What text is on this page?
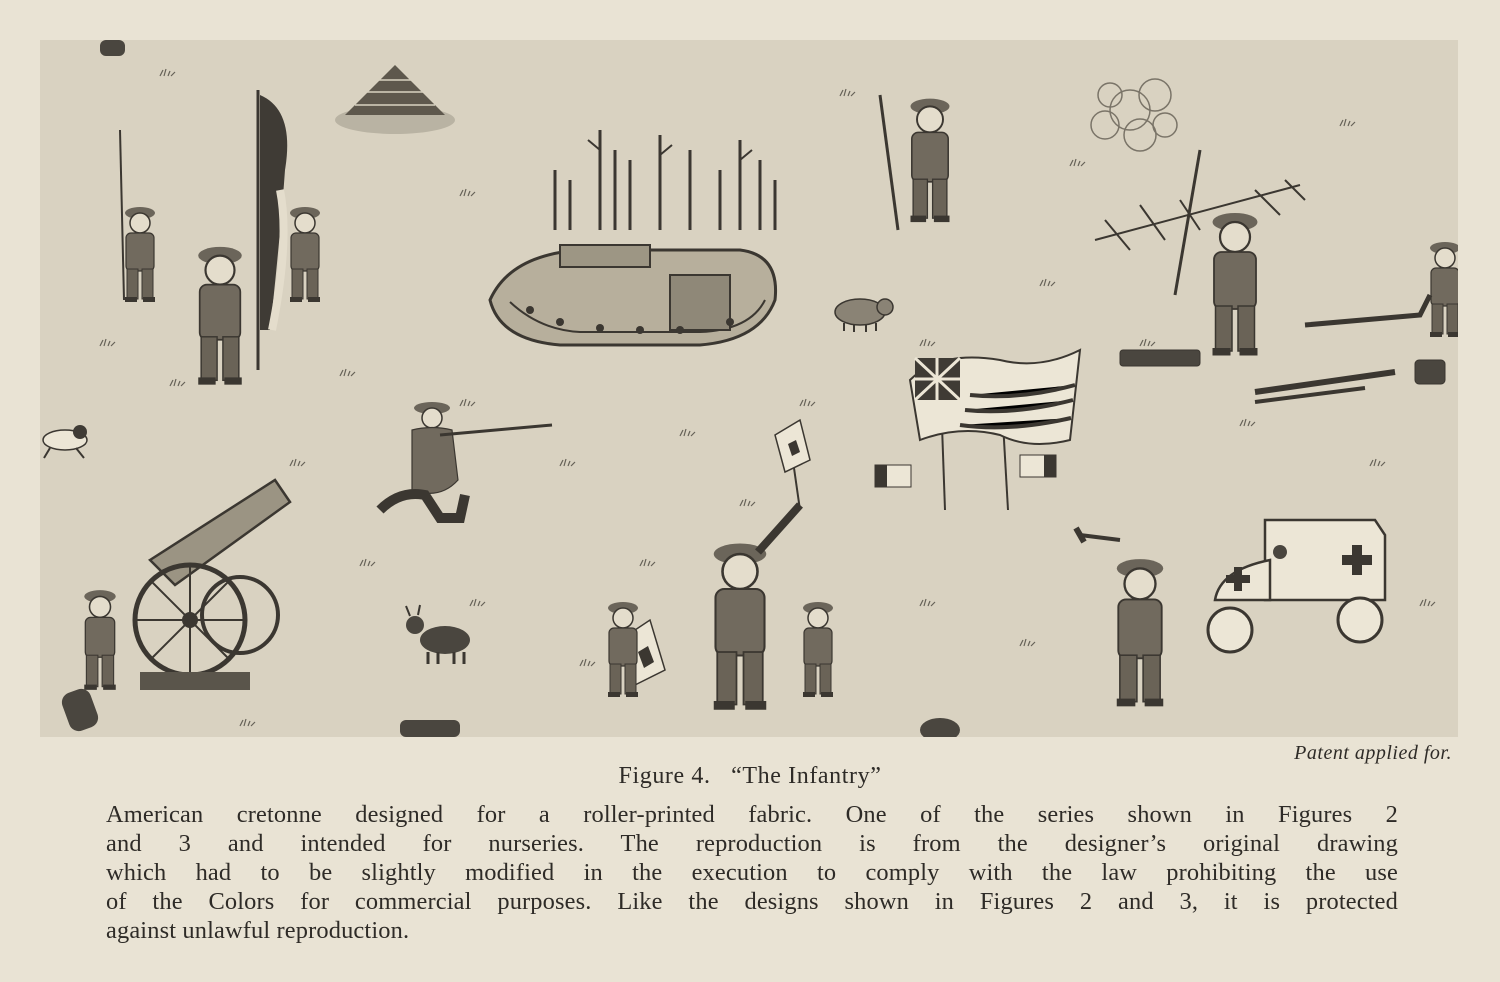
Patent applied for.
Figure 4. “The Infantry”
American cretonne designed for a roller-printed fabric. One of the series shown in Figures 2
and 3 and intended for nurseries. The reproduction is from the designer’s original drawing
which had to be slightly modified in the execution to comply with the law prohibiting the use
of the Colors for commercial purposes. Like the designs shown in Figures 2 and 3, it is protected
against unlawful reproduction.
